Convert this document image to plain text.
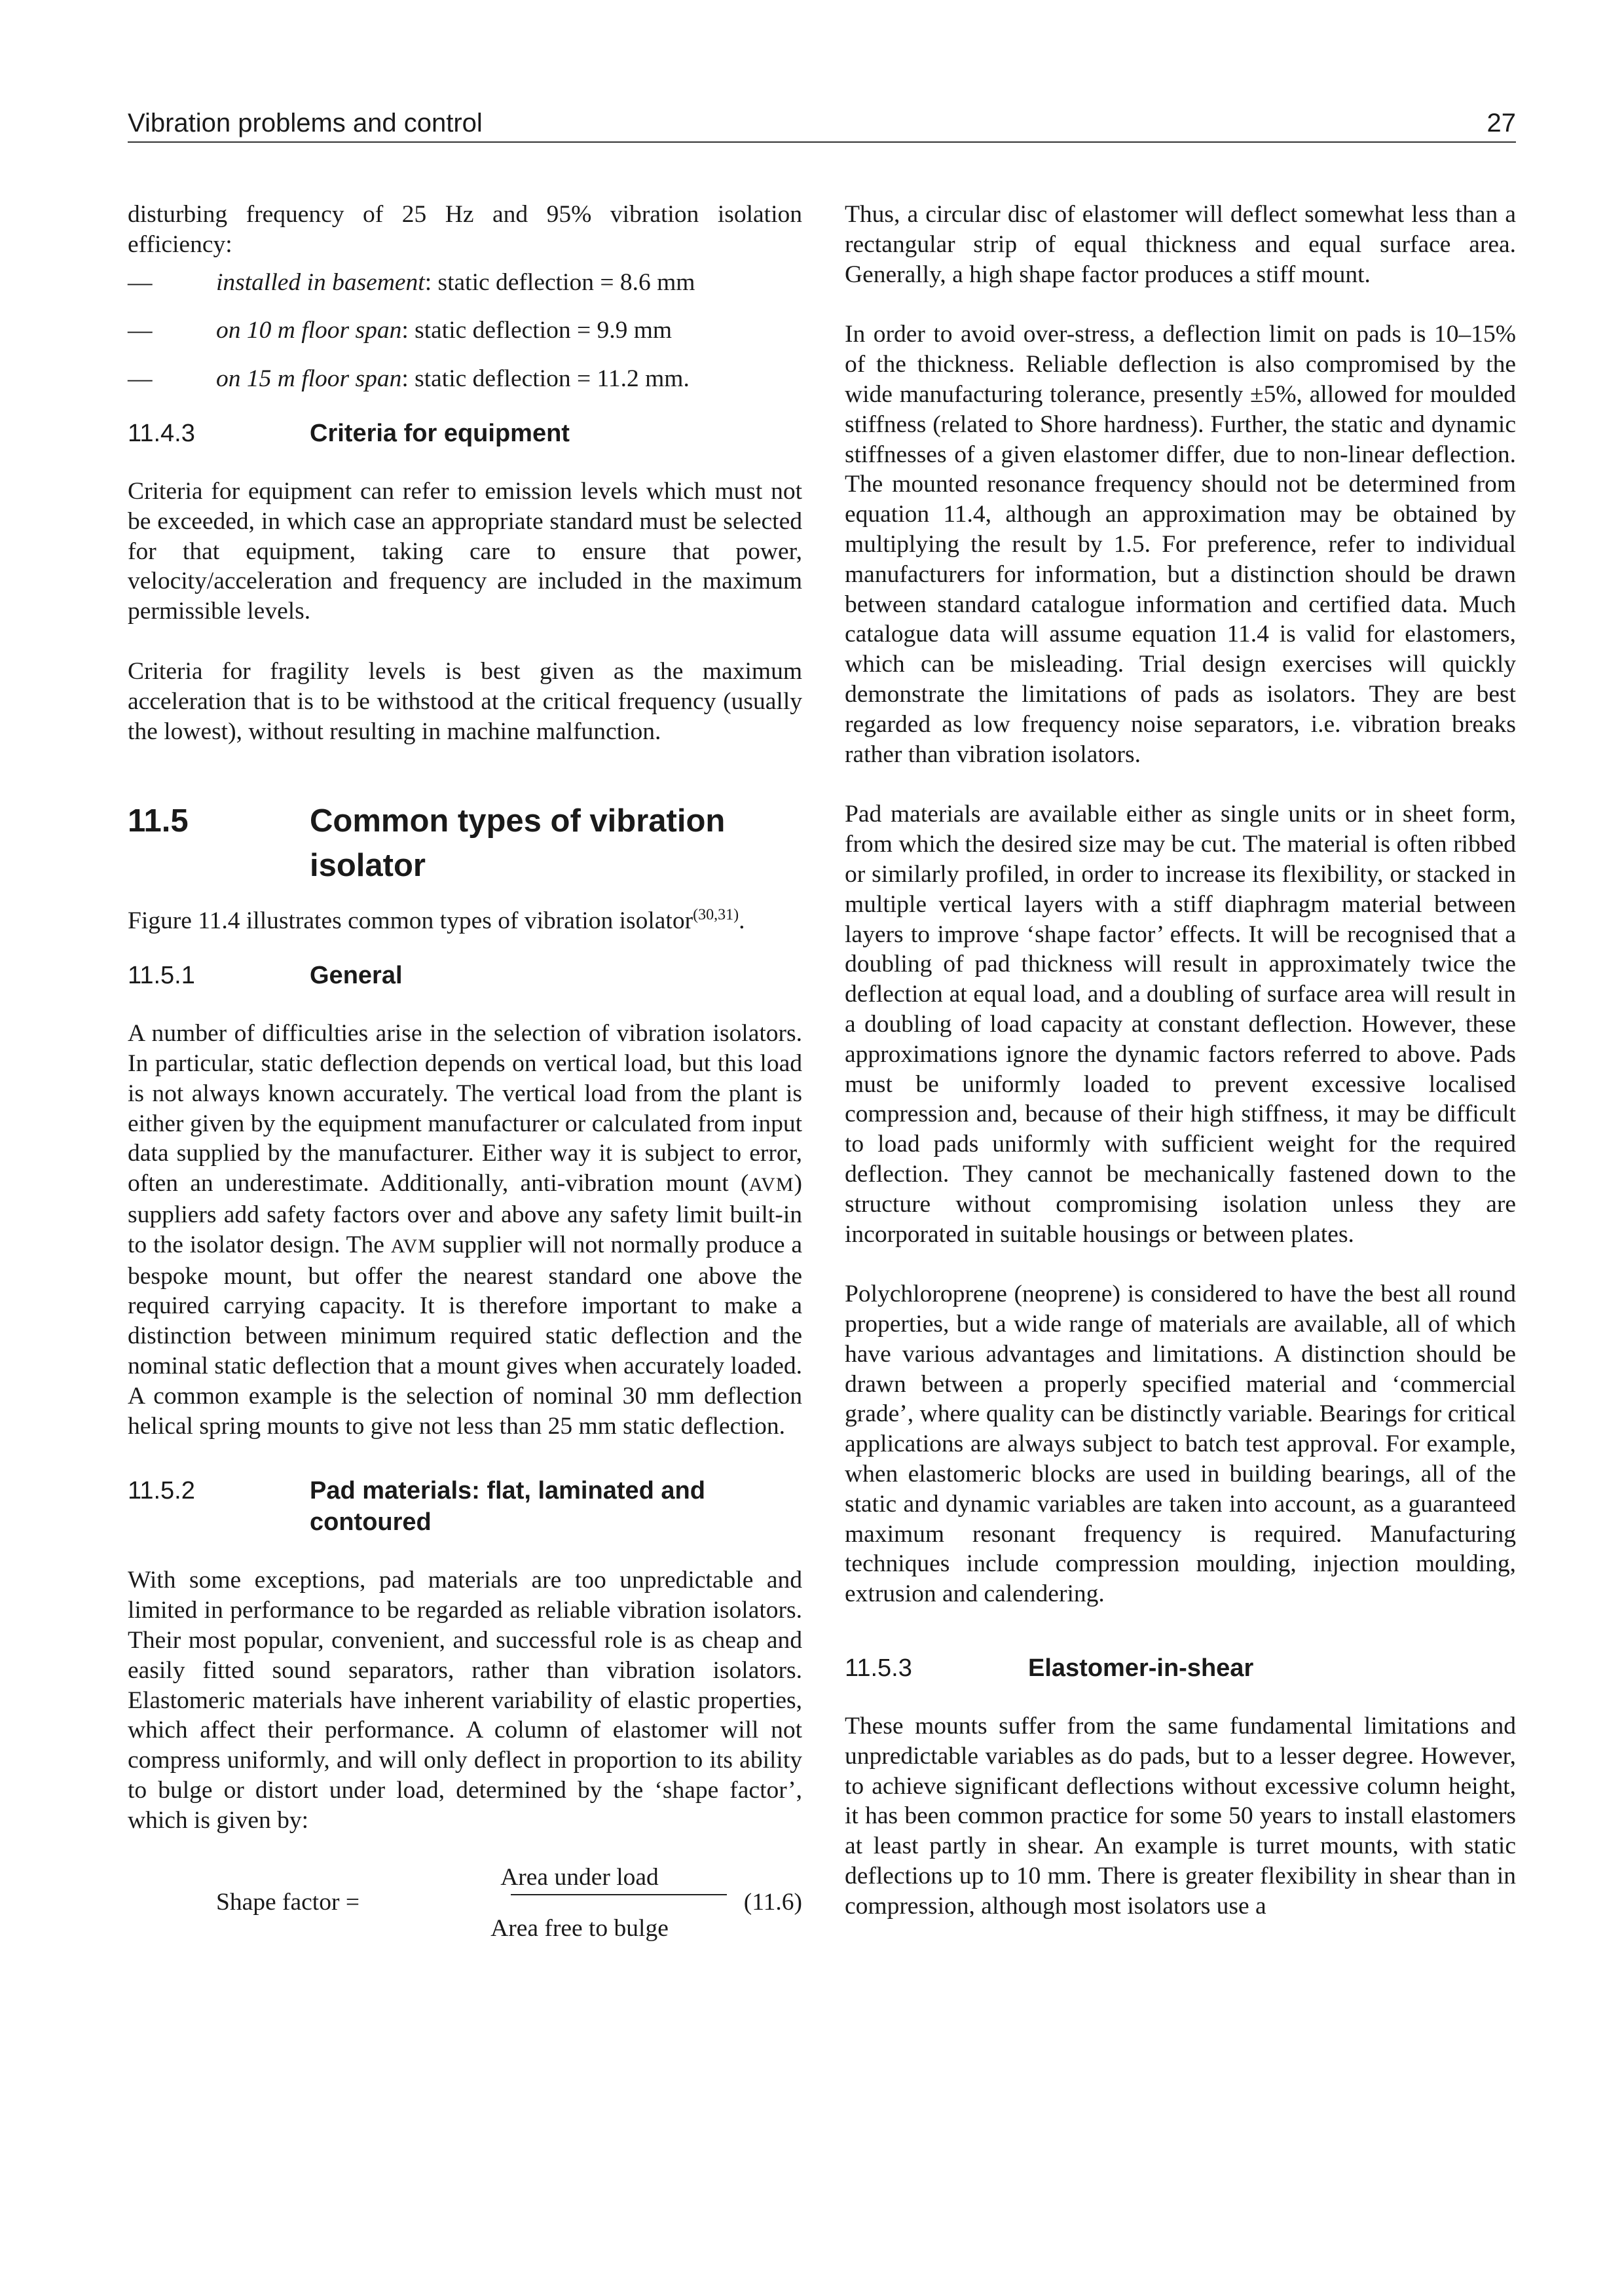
Vibration problems and control	27

disturbing frequency of 25 Hz and 95% vibration isolation efficiency:

— installed in basement: static deflection = 8.6 mm
— on 10 m floor span: static deflection = 9.9 mm
— on 15 m floor span: static deflection = 11.2 mm.
11.4.3	Criteria for equipment

Criteria for equipment can refer to emission levels which must not be exceeded, in which case an appropriate standard must be selected for that equipment, taking care to ensure that power, velocity/acceleration and frequency are included in the maximum permissible levels.

Criteria for fragility levels is best given as the maximum acceleration that is to be withstood at the critical frequency (usually the lowest), without resulting in machine malfunction.

11.5	Common types of vibration isolator

Figure 11.4 illustrates common types of vibration isolator$^{(30,31)}$.

11.5.1	General

A number of difficulties arise in the selection of vibration isolators. In particular, static deflection depends on vertical load, but this load is not always known accurately. The vertical load from the plant is either given by the equipment manufacturer or calculated from input data supplied by the manufacturer. Either way it is subject to error, often an underestimate. Additionally, anti-vibration mount (AVM) suppliers add safety factors over and above any safety limit built-in to the isolator design. The AVM supplier will not normally produce a bespoke mount, but offer the nearest standard one above the required carrying capacity. It is therefore important to make a distinction between minimum required static deflection and the nominal static deflection that a mount gives when accurately loaded. A common example is the selection of nominal 30 mm deflection helical spring mounts to give not less than 25 mm static deflection.

11.5.2	Pad materials: flat, laminated and contoured

With some exceptions, pad materials are too unpredictable and limited in performance to be regarded as reliable vibration isolators. Their most popular, convenient, and successful role is as cheap and easily fitted sound separators, rather than vibration isolators. Elastomeric materials have inherent variability of elastic properties, which affect their performance. A column of elastomer will not compress uniformly, and will only deflect in proportion to its ability to bulge or distort under load, determined by the ‘shape factor’, which is given by:

Shape factor =
Area under load
Area free to bulge
(11.6)

Thus, a circular disc of elastomer will deflect somewhat less than a rectangular strip of equal thickness and equal surface area. Generally, a high shape factor produces a stiff mount.

In order to avoid over-stress, a deflection limit on pads is 10–15% of the thickness. Reliable deflection is also compromised by the wide manufacturing tolerance, presently ±5%, allowed for moulded stiffness (related to Shore hardness). Further, the static and dynamic stiffnesses of a given elastomer differ, due to non-linear deflection. The mounted resonance frequency should not be determined from equation 11.4, although an approximation may be obtained by multiplying the result by 1.5. For preference, refer to individual manufacturers for information, but a distinction should be drawn between standard catalogue information and certified data. Much catalogue data will assume equation 11.4 is valid for elastomers, which can be misleading. Trial design exercises will quickly demonstrate the limitations of pads as isolators. They are best regarded as low frequency noise separators, i.e. vibration breaks rather than vibration isolators.

Pad materials are available either as single units or in sheet form, from which the desired size may be cut. The material is often ribbed or similarly profiled, in order to increase its flexibility, or stacked in multiple vertical layers with a stiff diaphragm material between layers to improve ‘shape factor’ effects. It will be recognised that a doubling of pad thickness will result in approximately twice the deflection at equal load, and a doubling of surface area will result in a doubling of load capacity at constant deflection. However, these approximations ignore the dynamic factors referred to above. Pads must be uniformly loaded to prevent excessive localised compression and, because of their high stiffness, it may be difficult to load pads uniformly with sufficient weight for the required deflection. They cannot be mechanically fastened down to the structure without compromising isolation unless they are incorporated in suitable housings or between plates.

Polychloroprene (neoprene) is considered to have the best all round properties, but a wide range of materials are available, all of which have various advantages and limitations. A distinction should be drawn between a properly specified material and ‘commercial grade’, where quality can be distinctly variable. Bearings for critical applications are always subject to batch test approval. For example, when elastomeric blocks are used in building bearings, all of the static and dynamic variables are taken into account, as a guaranteed maximum resonant frequency is required. Manufacturing techniques include compression moulding, injection moulding, extrusion and calendering.

11.5.3	Elastomer-in-shear

These mounts suffer from the same fundamental limitations and unpredictable variables as do pads, but to a lesser degree. However, to achieve significant deflections without excessive column height, it has been common practice for some 50 years to install elastomers at least partly in shear. An example is turret mounts, with static deflections up to 10 mm. There is greater flexibility in shear than in compression, although most isolators use a
